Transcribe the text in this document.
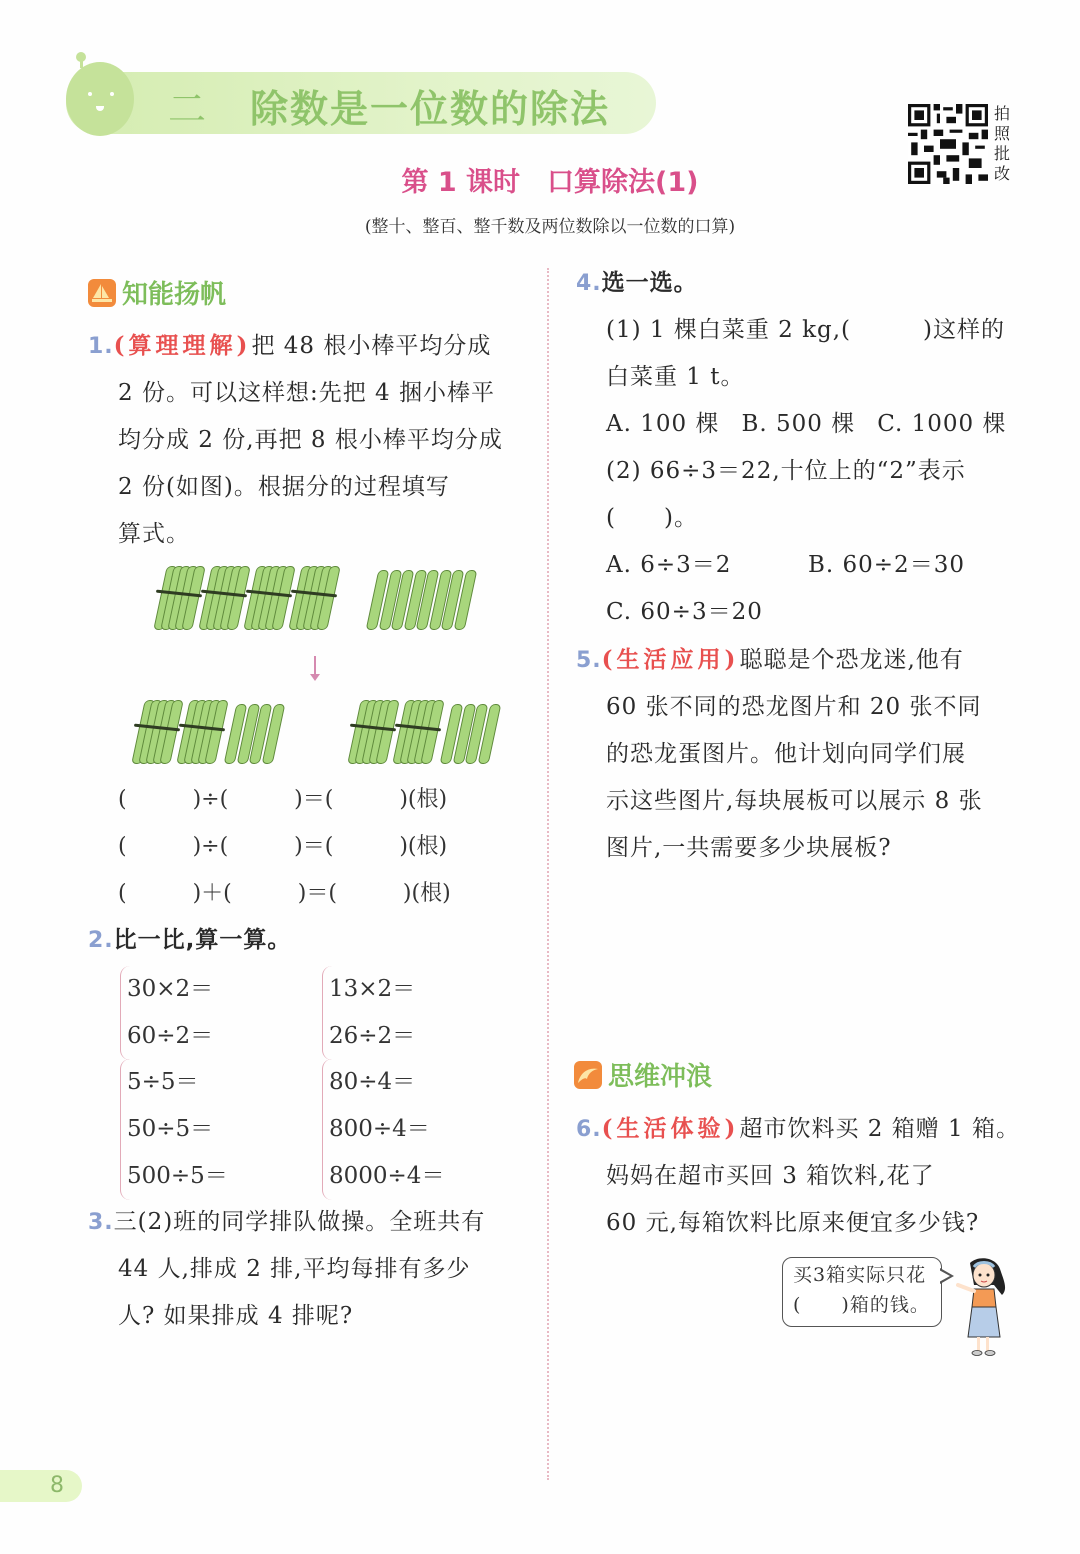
二 除数是一位数的除法	拍
照
批
改
第 1 课时　口算除法(1)
(整十、整百、整千数及两位数除以一位数的口算)
知能扬帆
1.(算理理解)把 48 根小棒平均分成
2 份。可以这样想:先把 4 捆小棒平
均分成 2 份,再把 8 根小棒平均分成
2 份(如图)。根据分的过程填写
算式。
(　　　)÷(　　　)＝(　　　)(根)
(　　　)÷(　　　)＝(　　　)(根)
(　　　)＋(　　　)＝(　　　)(根)
2.比一比,算一算。
30×2＝
60÷2＝
13×2＝
26÷2＝
5÷5＝
50÷5＝
500÷5＝
80÷4＝
800÷4＝
8000÷4＝
3.三(2)班的同学排队做操。全班共有
44 人,排成 2 排,平均每排有多少
人? 如果排成 4 排呢?
4.选一选。
(1) 1 棵白菜重 2 kg,(　　　)这样的
白菜重 1 t。
A. 100 棵 B. 500 棵 C. 1000 棵
(2) 66÷3＝22,十位上的“2”表示
(　　)。
A. 6÷3＝2	B. 60÷2＝30
C. 60÷3＝20
5.(生活应用)聪聪是个恐龙迷,他有
60 张不同的恐龙图片和 20 张不同
的恐龙蛋图片。他计划向同学们展
示这些图片,每块展板可以展示 8 张
图片,一共需要多少块展板?
思维冲浪
6.(生活体验)超市饮料买 2 箱赠 1 箱。
妈妈在超市买回 3 箱饮料,花了
60 元,每箱饮料比原来便宜多少钱?
买3箱实际只花
(　　)箱的钱。
8
